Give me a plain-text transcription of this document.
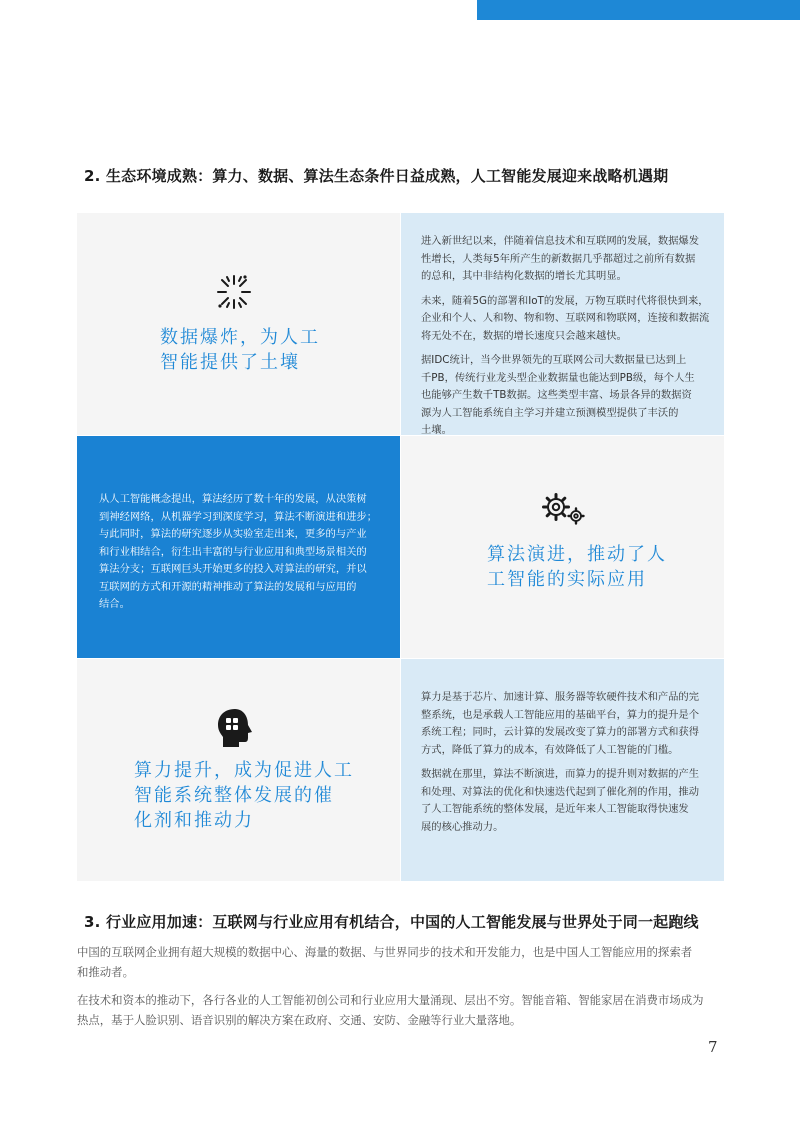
2. 生态环境成熟：算力、数据、算法生态条件日益成熟，人工智能发展迎来战略机遇期
数据爆炸，为人工
智能提供了土壤

进入新世纪以来，伴随着信息技术和互联网的发展，数据爆发
性增长，人类每5年所产生的新数据几乎都超过之前所有数据
的总和，其中非结构化数据的增长尤其明显。

未来，随着5G的部署和IoT的发展，万物互联时代将很快到来，
企业和个人、人和物、物和物、互联网和物联网，连接和数据流
将无处不在，数据的增长速度只会越来越快。

据IDC统计，当今世界领先的互联网公司大数据量已达到上
千PB，传统行业龙头型企业数据量也能达到PB级，每个人生
也能够产生数千TB数据。这些类型丰富、场景各异的数据资
源为人工智能系统自主学习并建立预测模型提供了丰沃的
土壤。

从人工智能概念提出，算法经历了数十年的发展，从决策树
到神经网络，从机器学习到深度学习，算法不断演进和进步；
与此同时，算法的研究逐步从实验室走出来，更多的与产业
和行业相结合，衍生出丰富的与行业应用和典型场景相关的
算法分支；互联网巨头开始更多的投入对算法的研究，并以
互联网的方式和开源的精神推动了算法的发展和与应用的
结合。

算法演进，推动了人
工智能的实际应用
算力提升，成为促进人工
智能系统整体发展的催
化剂和推动力

算力是基于芯片、加速计算、服务器等软硬件技术和产品的完
整系统，也是承载人工智能应用的基础平台，算力的提升是个
系统工程；同时，云计算的发展改变了算力的部署方式和获得
方式，降低了算力的成本，有效降低了人工智能的门槛。

数据就在那里，算法不断演进，而算力的提升则对数据的产生
和处理、对算法的优化和快速迭代起到了催化剂的作用，推动
了人工智能系统的整体发展，是近年来人工智能取得快速发
展的核心推动力。

3. 行业应用加速：互联网与行业应用有机结合，中国的人工智能发展与世界处于同一起跑线
中国的互联网企业拥有超大规模的数据中心、海量的数据、与世界同步的技术和开发能力，也是中国人工智能应用的探索者
和推动者。
在技术和资本的推动下，各行各业的人工智能初创公司和行业应用大量涌现、层出不穷。智能音箱、智能家居在消费市场成为
热点，基于人脸识别、语音识别的解决方案在政府、交通、安防、金融等行业大量落地。
7
